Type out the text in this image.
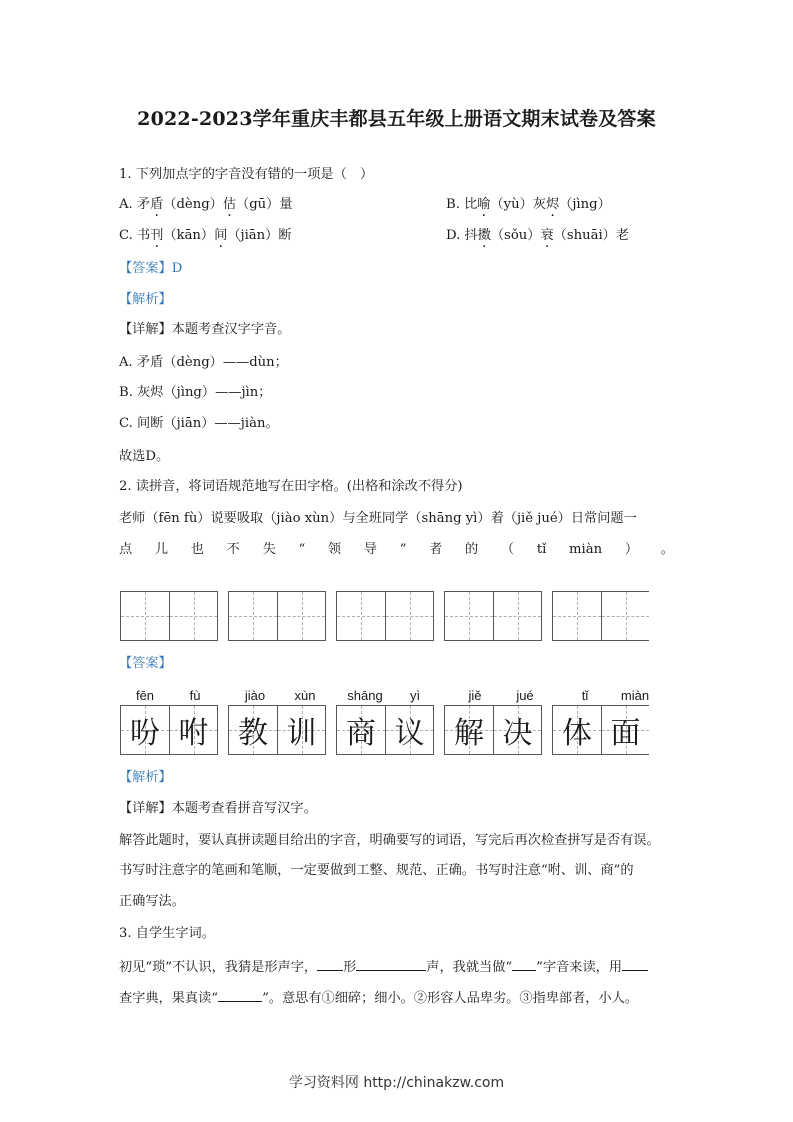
2022-2023学年重庆丰都县五年级上册语文期末试卷及答案
1. 下列加点字的字音没有错的一项是（　）
A. 矛盾（dèng）估（gū）量	B. 比喻（yù）灰烬（jìng）
C. 书刊（kān）间（jiān）断	D. 抖擞（sǒu）衰（shuāi）老
【答案】D
【解析】
【详解】本题考查汉字字音。
A. 矛盾（dèng）——dùn；
B. 灰烬（jìng）——jìn；
C. 间断（jiān）——jiàn。
故选D。
2. 读拼音，将词语规范地写在田字格。(出格和涂改不得分)
老师（fēn fù）说要吸取（jiào xùn）与全班同学（shāng yì）着（jiě jué）日常问题一
点 儿 也 不 失 “ 领 导 ” 者 的 （ tǐ miàn ） 。
【答案】
fēn	fù	jiào	xùn	shāng	yì	jiě	jué	tǐ	miàn
吩 咐 教 训 商 议 解 决 体 面
【解析】
【详解】本题考查看拼音写汉字。
解答此题时，要认真拼读题目给出的字音，明确要写的词语，写完后再次检查拼写是否有误。
书写时注意字的笔画和笔顺，一定要做到工整、规范、正确。书写时注意“咐、训、商”的
正确写法。
3. 自学生字词。
初见“琐”不认识，我猜是形声字， 形	声，我就当做“ ”字音来读，用
查字典，果真读“	”。意思有①细碎；细小。②形容人品卑劣。③指卑部者，小人。
学习资料网 http://chinakzw.com
